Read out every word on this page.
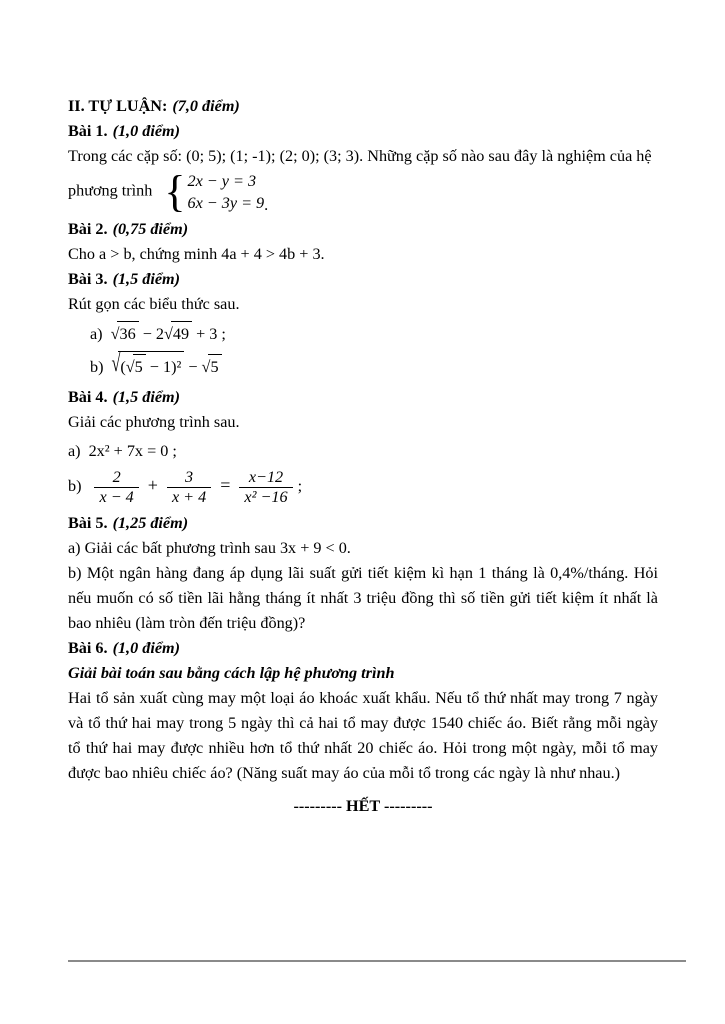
II. TỰ LUẬN: (7,0 điểm)

Bài 1. (1,0 điểm)

Trong các cặp số: (0; 5); (1; -1); (2; 0); (3; 3). Những cặp số nào sau đây là nghiệm của hệ

phương trình { 2x − y = 3
6x − 3y = 9 .

Bài 2. (0,75 điểm)

Cho a > b, chứng minh 4a + 4 > 4b + 3.

Bài 3. (1,5 điểm)

Rút gọn các biểu thức sau.

a) √36 − 2√49 + 3 ;

b) √(√5 − 1)² − √5

Bài 4. (1,5 điểm)

Giải các phương trình sau.

a) 2x² + 7x = 0 ;

$b) \frac{2}{x - 4} + \frac{3}{x + 4} = \frac{x-12}{\text{x² −16}}$ ;

Bài 5. (1,25 điểm)

a) Giải các bất phương trình sau 3x + 9 < 0.

b) Một ngân hàng đang áp dụng lãi suất gửi tiết kiệm kì hạn 1 tháng là 0,4%/tháng. Hỏi nếu muốn có số tiền lãi hằng tháng ít nhất 3 triệu đồng thì số tiền gửi tiết kiệm ít nhất là bao nhiêu (làm tròn đến triệu đồng)?

Bài 6. (1,0 điểm)

Giải bài toán sau bằng cách lập hệ phương trình

Hai tổ sản xuất cùng may một loại áo khoác xuất khẩu. Nếu tổ thứ nhất may trong 7 ngày và tổ thứ hai may trong 5 ngày thì cả hai tổ may được 1540 chiếc áo. Biết rằng mỗi ngày tổ thứ hai may được nhiều hơn tổ thứ nhất 20 chiếc áo. Hỏi trong một ngày, mỗi tổ may được bao nhiêu chiếc áo? (Năng suất may áo của mỗi tổ trong các ngày là như nhau.)

--------- HẾT ---------
